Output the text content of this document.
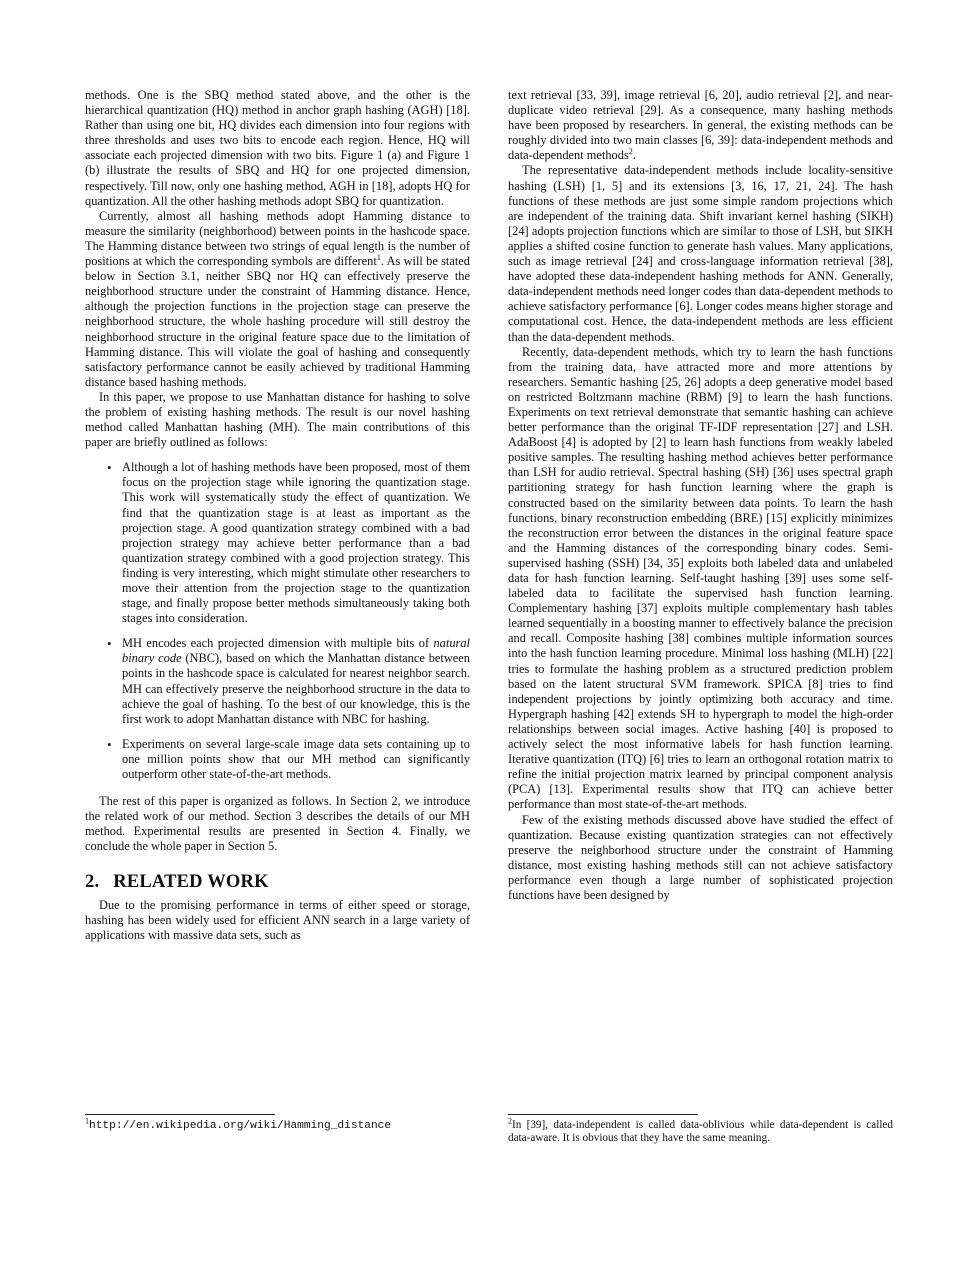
methods. One is the SBQ method stated above, and the other is the hierarchical quantization (HQ) method in anchor graph hashing (AGH) [18]. Rather than using one bit, HQ divides each dimension into four regions with three thresholds and uses two bits to encode each region. Hence, HQ will associate each projected dimension with two bits. Figure 1 (a) and Figure 1 (b) illustrate the results of SBQ and HQ for one projected dimension, respectively. Till now, only one hashing method, AGH in [18], adopts HQ for quantization. All the other hashing methods adopt SBQ for quantization.

Currently, almost all hashing methods adopt Hamming distance to measure the similarity (neighborhood) between points in the hashcode space. The Hamming distance between two strings of equal length is the number of positions at which the corresponding symbols are different$^1$. As will be stated below in Section 3.1, neither SBQ nor HQ can effectively preserve the neighborhood structure under the constraint of Hamming distance. Hence, although the projection functions in the projection stage can preserve the neighborhood structure, the whole hashing procedure will still destroy the neighborhood structure in the original feature space due to the limitation of Hamming distance. This will violate the goal of hashing and consequently satisfactory performance cannot be easily achieved by traditional Hamming distance based hashing methods.

In this paper, we propose to use Manhattan distance for hashing to solve the problem of existing hashing methods. The result is our novel hashing method called Manhattan hashing (MH). The main contributions of this paper are briefly outlined as follows:

• Although a lot of hashing methods have been proposed, most of them focus on the projection stage while ignoring the quantization stage. This work will systematically study the effect of quantization. We find that the quantization stage is at least as important as the projection stage. A good quantization strategy combined with a bad projection strategy may achieve better performance than a bad quantization strategy combined with a good projection strategy. This finding is very interesting, which might stimulate other researchers to move their attention from the projection stage to the quantization stage, and finally propose better methods simultaneously taking both stages into consideration.
• MH encodes each projected dimension with multiple bits of natural binary code (NBC), based on which the Manhattan distance between points in the hashcode space is calculated for nearest neighbor search. MH can effectively preserve the neighborhood structure in the data to achieve the goal of hashing. To the best of our knowledge, this is the first work to adopt Manhattan distance with NBC for hashing.
• Experiments on several large-scale image data sets containing up to one million points show that our MH method can significantly outperform other state-of-the-art methods.

The rest of this paper is organized as follows. In Section 2, we introduce the related work of our method. Section 3 describes the details of our MH method. Experimental results are presented in Section 4. Finally, we conclude the whole paper in Section 5.

2. RELATED WORK

Due to the promising performance in terms of either speed or storage, hashing has been widely used for efficient ANN search in a large variety of applications with massive data sets, such as

text retrieval [33, 39], image retrieval [6, 20], audio retrieval [2], and near-duplicate video retrieval [29]. As a consequence, many hashing methods have been proposed by researchers. In general, the existing methods can be roughly divided into two main classes [6, 39]: data-independent methods and data-dependent methods$^2$.

The representative data-independent methods include locality-sensitive hashing (LSH) [1, 5] and its extensions [3, 16, 17, 21, 24]. The hash functions of these methods are just some simple random projections which are independent of the training data. Shift invariant kernel hashing (SIKH) [24] adopts projection functions which are similar to those of LSH, but SIKH applies a shifted cosine function to generate hash values. Many applications, such as image retrieval [24] and cross-language information retrieval [38], have adopted these data-independent hashing methods for ANN. Generally, data-independent methods need longer codes than data-dependent methods to achieve satisfactory performance [6]. Longer codes means higher storage and computational cost. Hence, the data-independent methods are less efficient than the data-dependent methods.

Recently, data-dependent methods, which try to learn the hash functions from the training data, have attracted more and more attentions by researchers. Semantic hashing [25, 26] adopts a deep generative model based on restricted Boltzmann machine (RBM) [9] to learn the hash functions. Experiments on text retrieval demonstrate that semantic hashing can achieve better performance than the original TF-IDF representation [27] and LSH. AdaBoost [4] is adopted by [2] to learn hash functions from weakly labeled positive samples. The resulting hashing method achieves better performance than LSH for audio retrieval. Spectral hashing (SH) [36] uses spectral graph partitioning strategy for hash function learning where the graph is constructed based on the similarity between data points. To learn the hash functions, binary reconstruction embedding (BRE) [15] explicitly minimizes the reconstruction error between the distances in the original feature space and the Hamming distances of the corresponding binary codes. Semi-supervised hashing (SSH) [34, 35] exploits both labeled data and unlabeled data for hash function learning. Self-taught hashing [39] uses some self-labeled data to facilitate the supervised hash function learning. Complementary hashing [37] exploits multiple complementary hash tables learned sequentially in a boosting manner to effectively balance the precision and recall. Composite hashing [38] combines multiple information sources into the hash function learning procedure. Minimal loss hashing (MLH) [22] tries to formulate the hashing problem as a structured prediction problem based on the latent structural SVM framework. SPICA [8] tries to find independent projections by jointly optimizing both accuracy and time. Hypergraph hashing [42] extends SH to hypergraph to model the high-order relationships between social images. Active hashing [40] is proposed to actively select the most informative labels for hash function learning. Iterative quantization (ITQ) [6] tries to learn an orthogonal rotation matrix to refine the initial projection matrix learned by principal component analysis (PCA) [13]. Experimental results show that ITQ can achieve better performance than most state-of-the-art methods.

Few of the existing methods discussed above have studied the effect of quantization. Because existing quantization strategies can not effectively preserve the neighborhood structure under the constraint of Hamming distance, most existing hashing methods still can not achieve satisfactory performance even though a large number of sophisticated projection functions have been designed by

$^1$http://en.wikipedia.org/wiki/Hamming_distance	$^2$In [39], data-independent is called data-oblivious while data-dependent is called data-aware. It is obvious that they have the same meaning.
